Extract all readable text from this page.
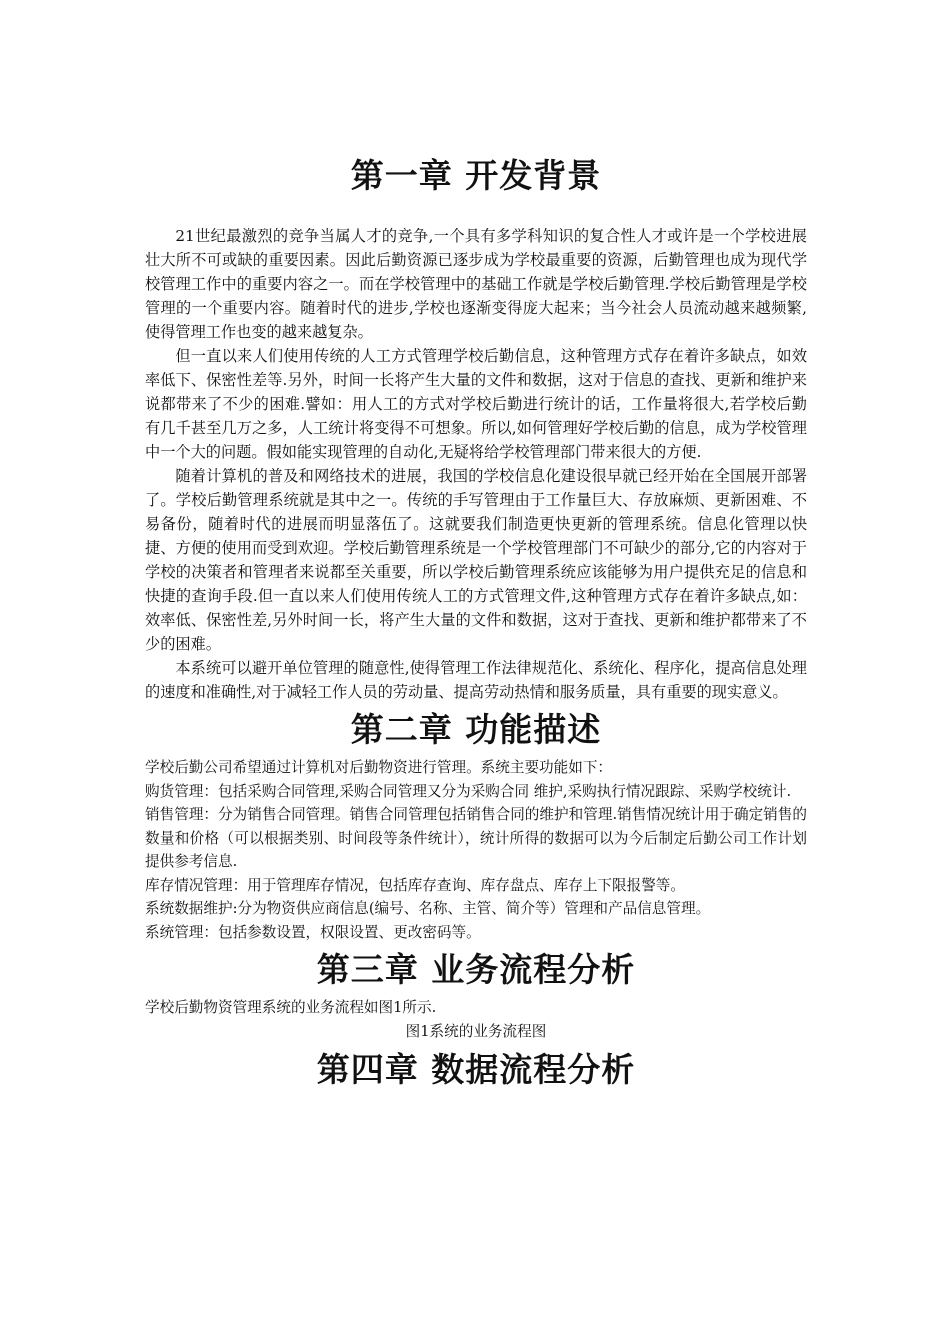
第一章 开发背景

21世纪最激烈的竞争当属人才的竞争,一个具有多学科知识的复合性人才或许是一个学校进展壮大所不可或缺的重要因素。因此后勤资源已逐步成为学校最重要的资源，后勤管理也成为现代学校管理工作中的重要内容之一。而在学校管理中的基础工作就是学校后勤管理.学校后勤管理是学校管理的一个重要内容。随着时代的进步,学校也逐渐变得庞大起来；当今社会人员流动越来越频繁,使得管理工作也变的越来越复杂。

但一直以来人们使用传统的人工方式管理学校后勤信息，这种管理方式存在着许多缺点，如效率低下、保密性差等.另外，时间一长将产生大量的文件和数据，这对于信息的查找、更新和维护来说都带来了不少的困难.譬如：用人工的方式对学校后勤进行统计的话，工作量将很大,若学校后勤有几千甚至几万之多，人工统计将变得不可想象。所以,如何管理好学校后勤的信息，成为学校管理中一个大的问题。假如能实现管理的自动化,无疑将给学校管理部门带来很大的方便.

随着计算机的普及和网络技术的进展，我国的学校信息化建设很早就已经开始在全国展开部署了。学校后勤管理系统就是其中之一。传统的手写管理由于工作量巨大、存放麻烦、更新困难、不易备份，随着时代的进展而明显落伍了。这就要我们制造更快更新的管理系统。信息化管理以快捷、方便的使用而受到欢迎。学校后勤管理系统是一个学校管理部门不可缺少的部分,它的内容对于学校的决策者和管理者来说都至关重要，所以学校后勤管理系统应该能够为用户提供充足的信息和快捷的查询手段.但一直以来人们使用传统人工的方式管理文件,这种管理方式存在着许多缺点,如：效率低、保密性差,另外时间一长，将产生大量的文件和数据，这对于查找、更新和维护都带来了不少的困难。

本系统可以避开单位管理的随意性,使得管理工作法律规范化、系统化、程序化，提高信息处理的速度和准确性,对于减轻工作人员的劳动量、提高劳动热情和服务质量，具有重要的现实意义。

第二章 功能描述

学校后勤公司希望通过计算机对后勤物资进行管理。系统主要功能如下：

购货管理：包括采购合同管理,采购合同管理又分为采购合同 维护,采购执行情况跟踪、采购学校统计.

销售管理：分为销售合同管理。销售合同管理包括销售合同的维护和管理.销售情况统计用于确定销售的数量和价格（可以根据类别、时间段等条件统计），统计所得的数据可以为今后制定后勤公司工作计划提供参考信息.

库存情况管理：用于管理库存情况，包括库存查询、库存盘点、库存上下限报警等。

系统数据维护:分为物资供应商信息(编号、名称、主管、简介等）管理和产品信息管理。

系统管理：包括参数设置，权限设置、更改密码等。

第三章 业务流程分析

学校后勤物资管理系统的业务流程如图1所示.

图1系统的业务流程图

第四章 数据流程分析
